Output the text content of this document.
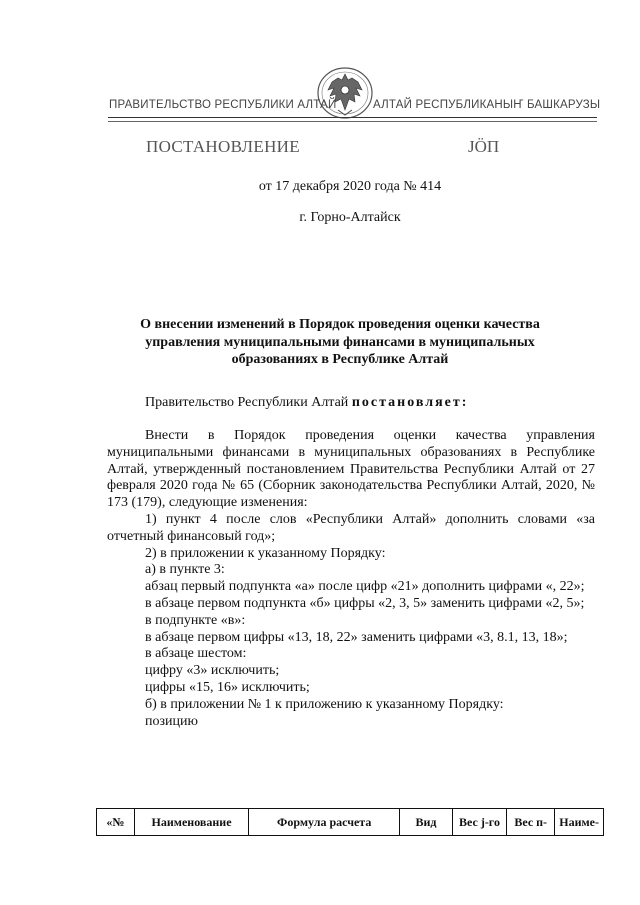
ПРАВИТЕЛЬСТВО РЕСПУБЛИКИ АЛТАЙ	АЛТАЙ РЕСПУБЛИКАНЫҤ БАШКАРУЗЫ
ПОСТАНОВЛЕНИЕ	ЈӦП
от 17 декабря 2020 года № 414
г. Горно-Алтайск
О внесении изменений в Порядок проведения оценки качества
управления муниципальными финансами в муниципальных
образованиях в Республике Алтай
Правительство Республики Алтай постановляет:

Внести в Порядок проведения оценки качества управления муниципальными финансами в муниципальных образованиях в Республике Алтай, утвержденный постановлением Правительства Республики Алтай от 27 февраля 2020 года № 65 (Сборник законодательства Республики Алтай, 2020, № 173 (179), следующие изменения:

1) пункт 4 после слов «Республики Алтай» дополнить словами «за отчетный финансовый год»;

2) в приложении к указанному Порядку:

а) в пункте 3:

абзац первый подпункта «а» после цифр «21» дополнить цифрами «, 22»;

в абзаце первом подпункта «б» цифры «2, 3, 5» заменить цифрами «2, 5»;

в подпункте «в»:

в абзаце первом цифры «13, 18, 22» заменить цифрами «3, 8.1, 13, 18»;

в абзаце шестом:

цифру «3» исключить;

цифры «15, 16» исключить;

б) в приложении № 1 к приложению к указанному Порядку:

позицию

«№	Наименование	Формула расчета	Вид	Вес j-го	Вес п-	Наиме-
